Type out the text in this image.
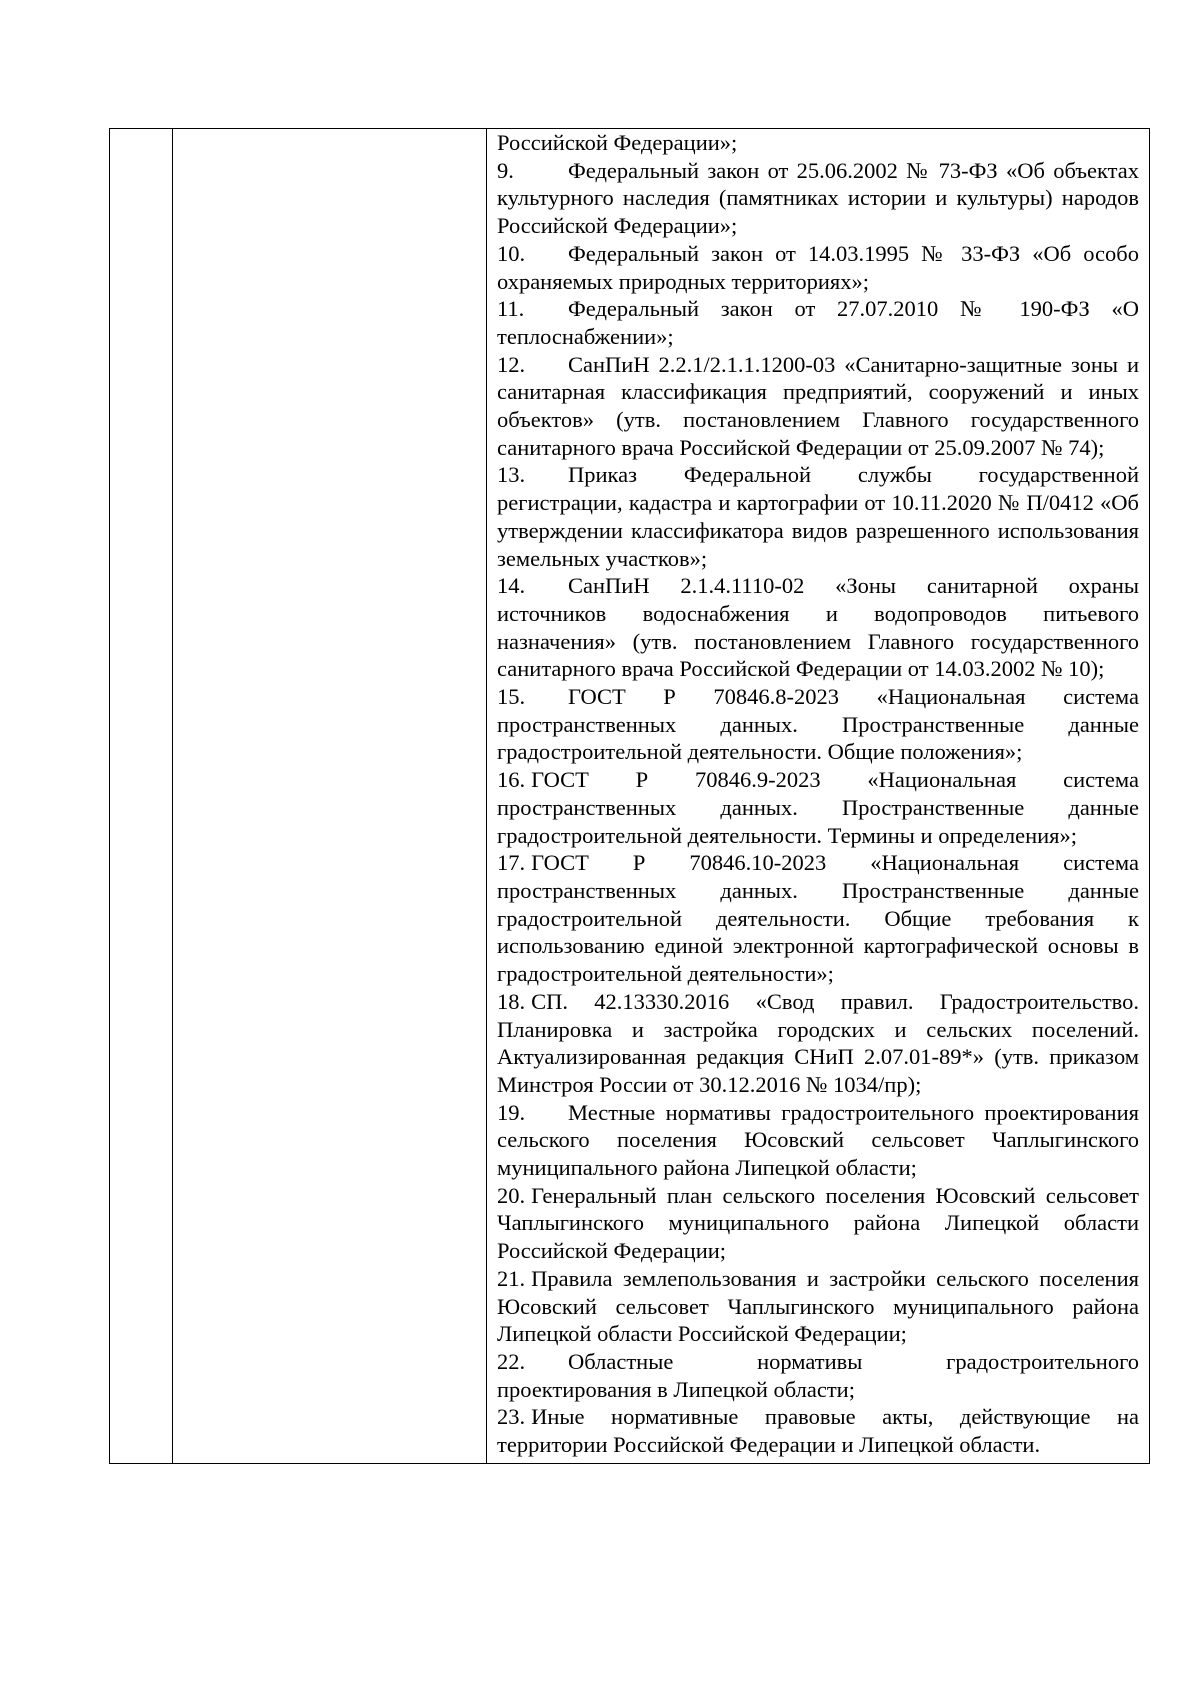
Российской Федерации»;

9. Федеральный закон от 25.06.2002 № 73-ФЗ «Об объектах культурного наследия (памятниках истории и культуры) народов Российской Федерации»;

10. Федеральный закон от 14.03.1995 № 33-ФЗ «Об особо охраняемых природных территориях»;

11. Федеральный закон от 27.07.2010 № 190-ФЗ «О теплоснабжении»;

12. СанПиН 2.2.1/2.1.1.1200-03 «Санитарно-защитные зоны и санитарная классификация предприятий, сооружений и иных объектов» (утв. постановлением Главного государственного санитарного врача Российской Федерации от 25.09.2007 № 74);

13. Приказ Федеральной службы государственной регистрации, кадастра и картографии от 10.11.2020 № П/0412 «Об утверждении классификатора видов разрешенного использования земельных участков»;

14. СанПиН 2.1.4.1110-02 «Зоны санитарной охраны источников водоснабжения и водопроводов питьевого назначения» (утв. постановлением Главного государственного санитарного врача Российской Федерации от 14.03.2002 № 10);

15. ГОСТ Р 70846.8-2023 «Национальная система пространственных данных. Пространственные данные градостроительной деятельности. Общие положения»;

16. ГОСТ Р 70846.9-2023 «Национальная система пространственных данных. Пространственные данные градостроительной деятельности. Термины и определения»;

17. ГОСТ Р 70846.10-2023 «Национальная система пространственных данных. Пространственные данные градостроительной деятельности. Общие требования к использованию единой электронной картографической основы в градостроительной деятельности»;

18. СП. 42.13330.2016 «Свод правил. Градостроительство. Планировка и застройка городских и сельских поселений. Актуализированная редакция СНиП 2.07.01-89*» (утв. приказом Минстроя России от 30.12.2016 № 1034/пр);

19. Местные нормативы градостроительного проектирования сельского поселения Юсовский сельсовет Чаплыгинского муниципального района Липецкой области;

20. Генеральный план сельского поселения Юсовский сельсовет Чаплыгинского муниципального района Липецкой области Российской Федерации;

21. Правила землепользования и застройки сельского поселения Юсовский сельсовет Чаплыгинского муниципального района Липецкой области Российской Федерации;

22. Областные нормативы градостроительного проектирования в Липецкой области;

23. Иные нормативные правовые акты, действующие на территории Российской Федерации и Липецкой области.
